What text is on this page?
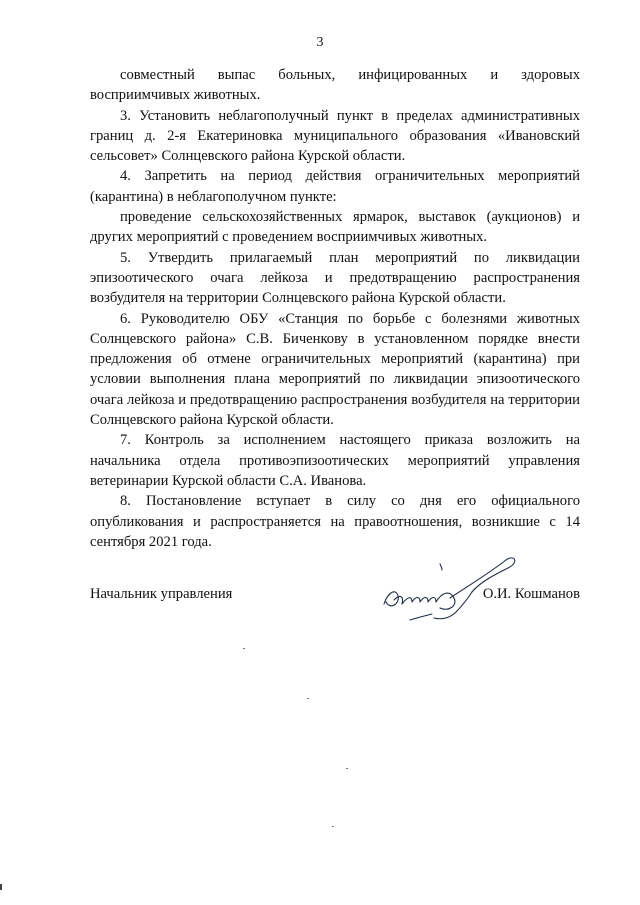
3

совместный выпас больных, инфицированных и здоровых восприимчивых животных.

3. Установить неблагополучный пункт в пределах административных границ д. 2-я Екатериновка муниципального образования «Ивановский сельсовет» Солнцевского района Курской области.

4. Запретить на период действия ограничительных мероприятий (карантина) в неблагополучном пункте:

проведение сельскохозяйственных ярмарок, выставок (аукционов) и других мероприятий с проведением восприимчивых животных.

5. Утвердить прилагаемый план мероприятий по ликвидации эпизоотического очага лейкоза и предотвращению распространения возбудителя на территории Солнцевского района Курской области.

6. Руководителю ОБУ «Станция по борьбе с болезнями животных Солнцевского района» С.В. Биченкову в установленном порядке внести предложения об отмене ограничительных мероприятий (карантина) при условии выполнения плана мероприятий по ликвидации эпизоотического очага лейкоза и предотвращению распространения возбудителя на территории Солнцевского района Курской области.

7. Контроль за исполнением настоящего приказа возложить на начальника отдела противоэпизоотических мероприятий управления ветеринарии Курской области С.А. Иванова.

8. Постановление вступает в силу со дня его официального опубликования и распространяется на правоотношения, возникшие с 14 сентября 2021 года.

Начальник управления	О.И. Кошманов
